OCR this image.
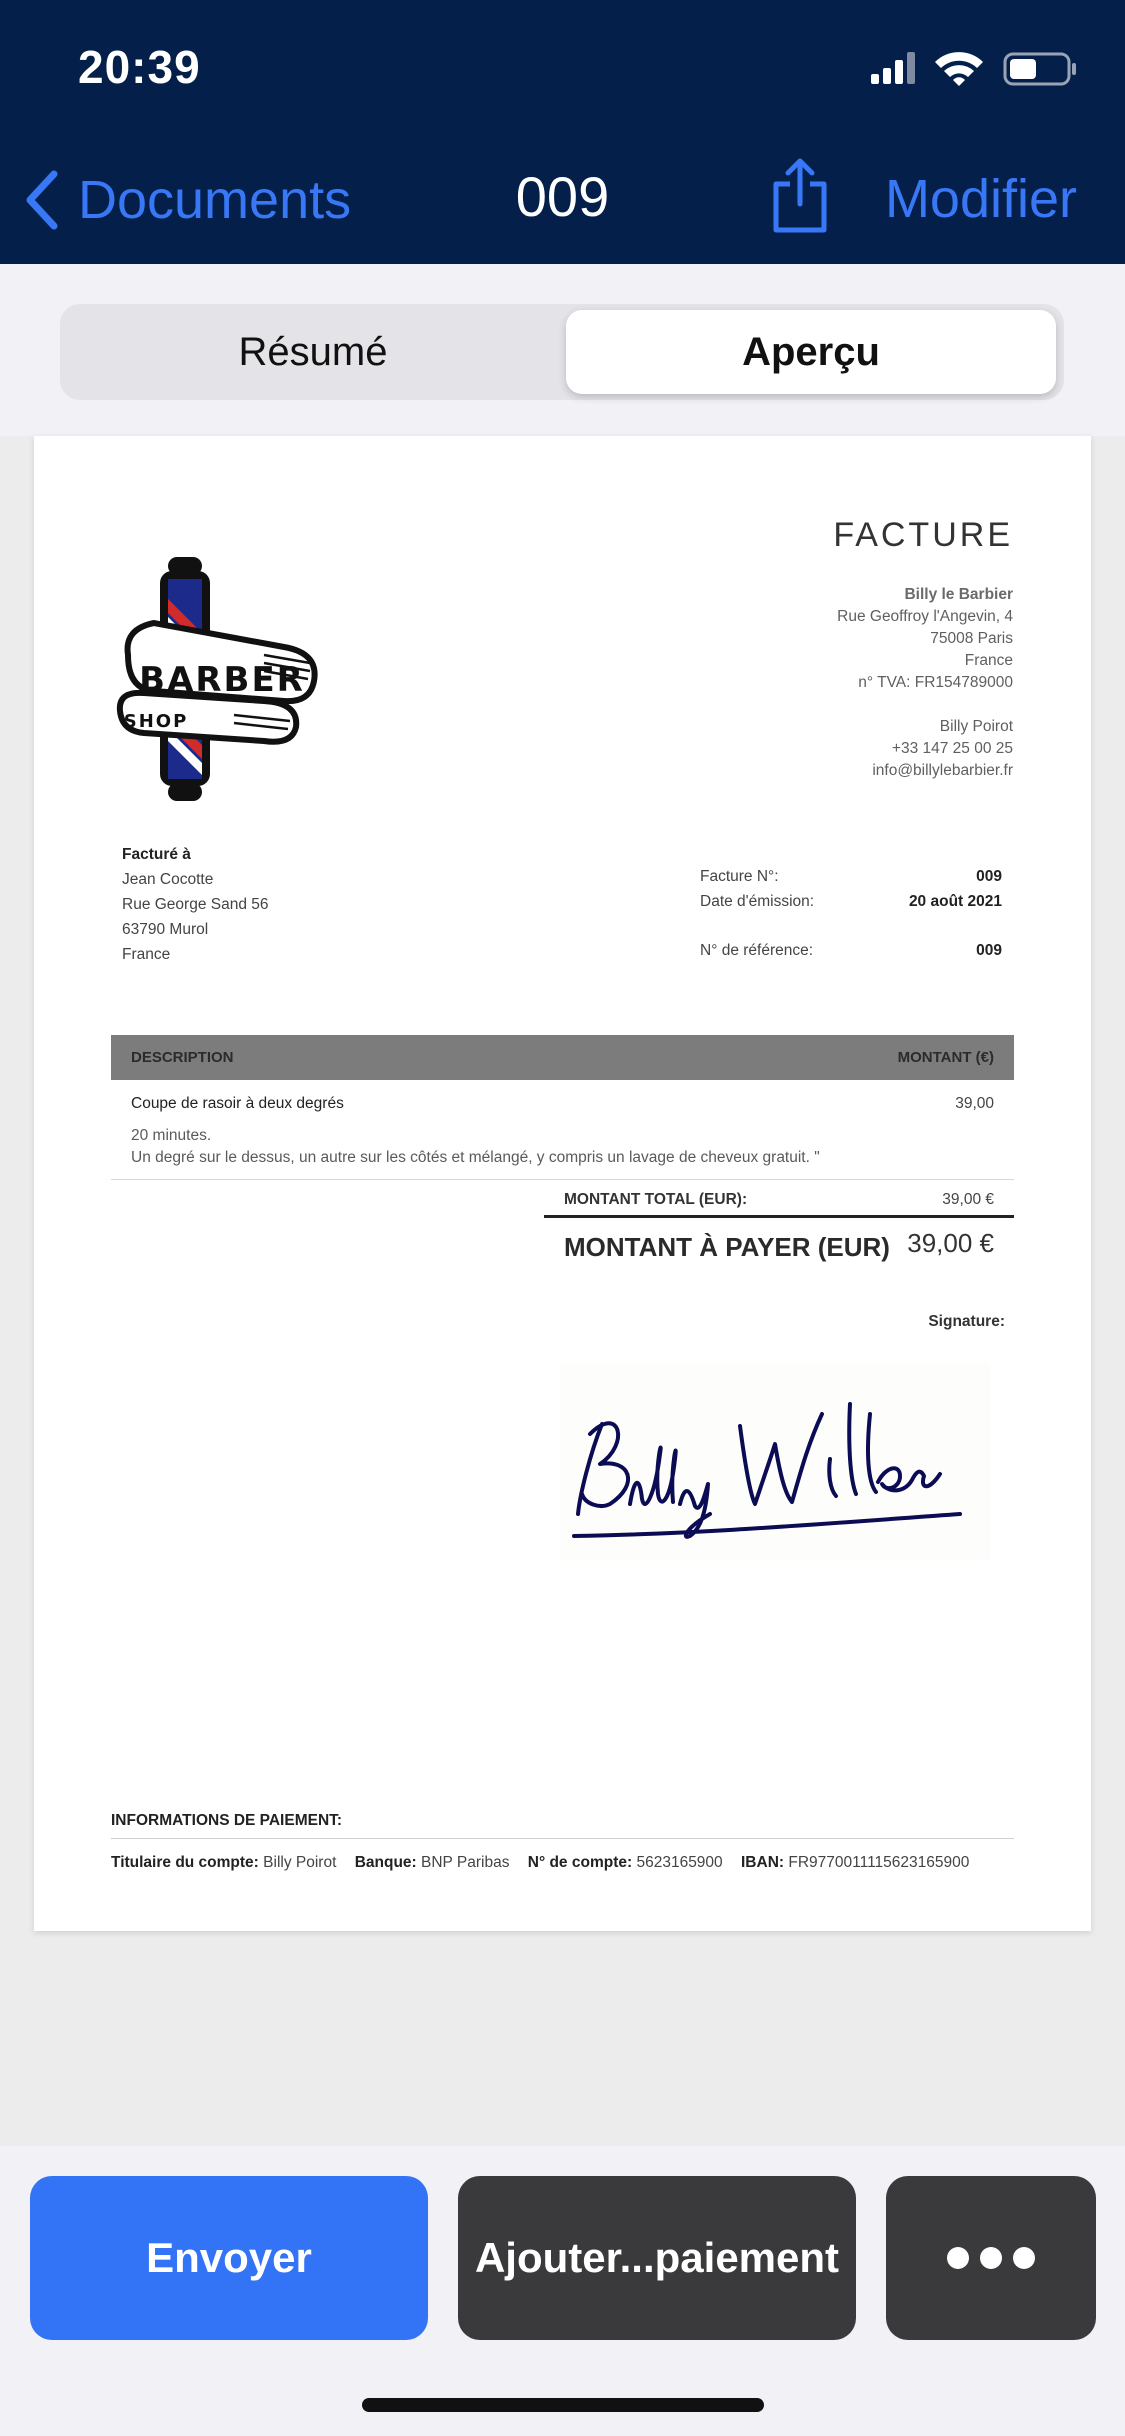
20:39
Documents	009	Modifier
Résumé	Aperçu
FACTURE
BARBER
SHOP
Billy le Barbier
Rue Geoffroy l'Angevin, 4
75008 Paris
France
n° TVA: FR154789000
Billy Poirot
+33 147 25 00 25
info@billylebarbier.fr
Facturé à
Jean Cocotte
Rue George Sand 56
63790 Murol
France
Facture N°:	009
Date d'émission:	20 août 2021
N° de référence:	009
DESCRIPTION	MONTANT (€)
Coupe de rasoir à deux degrés	39,00
20 minutes.
Un degré sur le dessus, un autre sur les côtés et mélangé, y compris un lavage de cheveux gratuit. "
MONTANT TOTAL (EUR):	39,00 €
MONTANT À PAYER (EUR) 39,00 €
Signature:
INFORMATIONS DE PAIEMENT:
Titulaire du compte: Billy Poirot Banque: BNP Paribas N° de compte: 5623165900 IBAN: FR9770011115623165900
Envoyer	Ajouter...paiement
